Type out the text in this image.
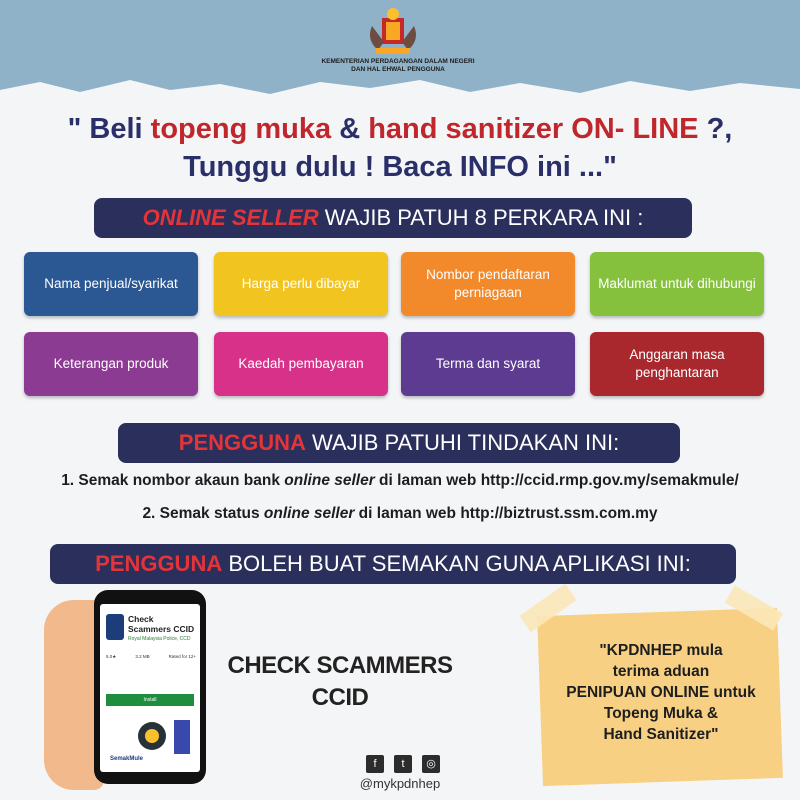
KEMENTERIAN PERDAGANGAN DALAM NEGERI
DAN HAL EHWAL PENGGUNA
" Beli topeng muka & hand sanitizer ON- LINE ?,
Tunggu dulu ! Baca INFO ini ..."
ONLINE SELLER WAJIB PATUH 8 PERKARA INI :
Nama penjual/syarikat	Harga perlu dibayar
Nombor pendaftaran perniagaan
Maklumat untuk dihubungi
Keterangan produk	Kaedah pembayaran	Terma dan syarat
Anggaran masa penghantaran
PENGGUNA WAJIB PATUHI TINDAKAN INI:
1. Semak nombor akaun bank online seller di laman web http://ccid.rmp.gov.my/semakmule/
2. Semak status online seller di laman web http://biztrust.ssm.com.my
PENGGUNA BOLEH BUAT SEMAKAN GUNA APLIKASI INI:
Check Scammers CCID
Royal Malaysia Police, CCD
5.0★	3.2 MB	Rated for 12+
Install
SemakMule
CHECK SCAMMERS
CCID
"KPDNHEP mula
terima aduan
PENIPUAN ONLINE untuk
Topeng Muka &
Hand Sanitizer"
f	t	◎
@mykpdnhep
